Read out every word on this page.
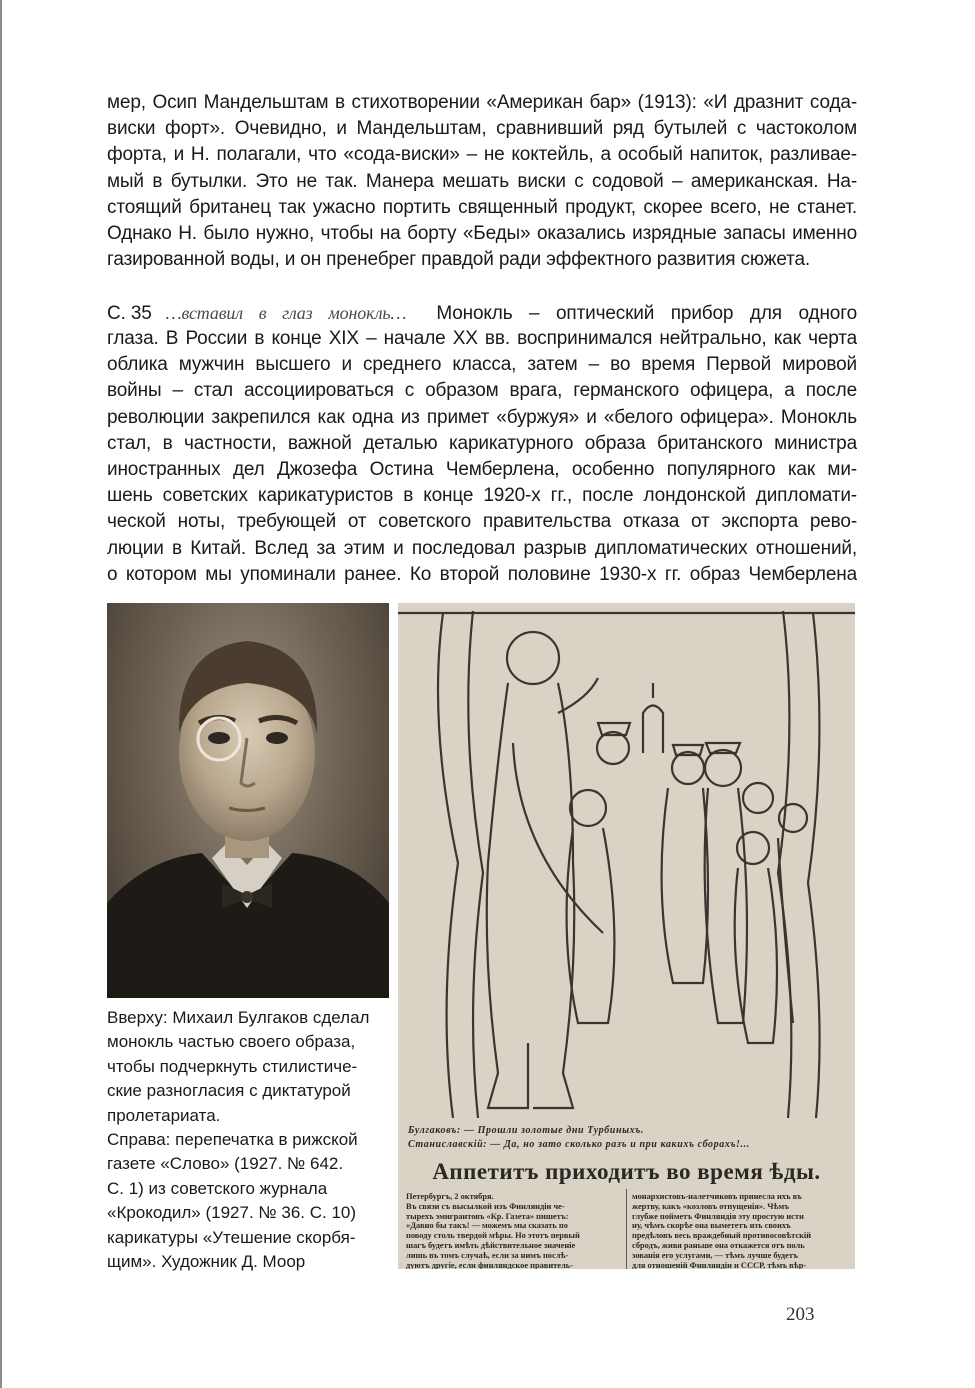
мер, Осип Мандельштам в стихотворении «Американ бар» (1913): «И дразнит сода-
виски форт». Очевидно, и Мандельштам, сравнивший ряд бутылей с частоколом
форта, и Н. полагали, что «сода-виски» – не коктейль, а особый напиток, разливае-
мый в бутылки. Это не так. Манера мешать виски с содовой – американская. На-
стоящий британец так ужасно портить священный продукт, скорее всего, не станет.
Однако Н. было нужно, чтобы на борту «Беды» оказались изрядные запасы именно
газированной воды, и он пренебрег правдой ради эффектного развития сюжета.
С. 35 …вставил в глаз монокль… Монокль – оптический прибор для одного
глаза. В России в конце XIX – начале XX вв. воспринимался нейтрально, как черта
облика мужчин высшего и среднего класса, затем – во время Первой мировой
войны – стал ассоциироваться с образом врага, германского офицера, а после
революции закрепился как одна из примет «буржуя» и «белого офицера». Монокль
стал, в частности, важной деталью карикатурного образа британского министра
иностранных дел Джозефа Остина Чемберлена, особенно популярного как ми-
шень советских карикатуристов в конце 1920-х гг., после лондонской дипломати-
ческой ноты, требующей от советского правительства отказа от экспорта рево-
люции в Китай. Вслед за этим и последовал разрыв дипломатических отношений,
о котором мы упоминали ранее. Ко второй половине 1930-х гг. образ Чемберлена
Вверху: Михаил Булгаков сделал
монокль частью своего образа,
чтобы подчеркнуть стилистиче-
ские разногласия с диктатурой
пролетариата.
Справа: перепечатка в рижской
газете «Слово» (1927. № 642.
С. 1) из советского журнала
«Крокодил» (1927. № 36. С. 10)
карикатуры «Утешение скорбя-
щим». Художник Д. Моор
Булгаковъ: — Прошли золотые дни Турбиныхъ.
Станиславскій: — Да, но зато сколько разъ и при какихъ сборахъ!...
Аппетитъ приходитъ во время ѣды.
Петербургъ, 2 октября.
Въ связи съ высылкой изъ Финляндіи че-
тырехъ эмигрантовъ «Кр. Газета» пишетъ:
«Давно бы такъ! — можемъ мы сказать по
поводу столь твердой мѣры. Но этотъ первый
шагъ будетъ имѣть дѣйствительное значеніе
лишь въ томъ случаѣ, если за нимъ послѣ-
дуютъ другіе, если финляндское правитель-
монархистовъ-налетчиковъ принесла ихъ въ
жертву, какъ «козловъ отпущенія». Чѣмъ
глубже пойметъ Финляндія эту простую исти
ну, чѣмъ скорѣе она вымететъ изъ своихъ
предѣловъ весь враждебный противосовѣтскій
сбродъ, живя раньше она откажется отъ поль
зованія его услугами, — тѣмъ лучше будетъ
для отношеній Финляндіи и СССР, тѣмъ вѣр-
203
